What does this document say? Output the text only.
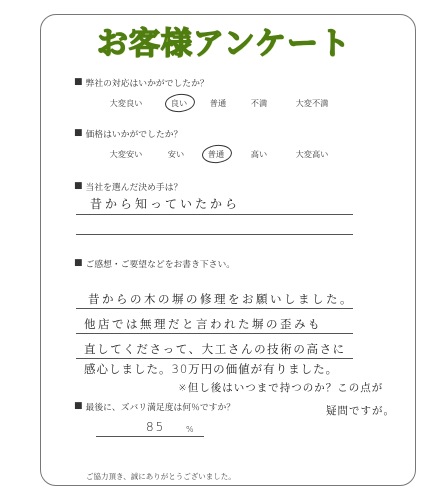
お客様アンケート
■ 弊社の対応はいかがでしたか？
大変良い	良い	普通	不満	大変不満
■ 価格はいかがでしたか？
大変安い	安い	普通	高い	大変高い
■ 当社を選んだ決め手は？
昔から知っていたから
■ ご感想・ご要望などをお書き下さい。
昔からの木の塀の修理をお願いしました。
他店では無理だと言われた塀の歪みも
直してくださって、大工さんの技術の高さに
感心しました。30万円の価値が有りました。
※但し後はいつまで持つのか？この点が
疑問ですが。
■ 最後に、ズバリ満足度は何％ですか？
85	%
ご協力頂き、誠にありがとうございました。
